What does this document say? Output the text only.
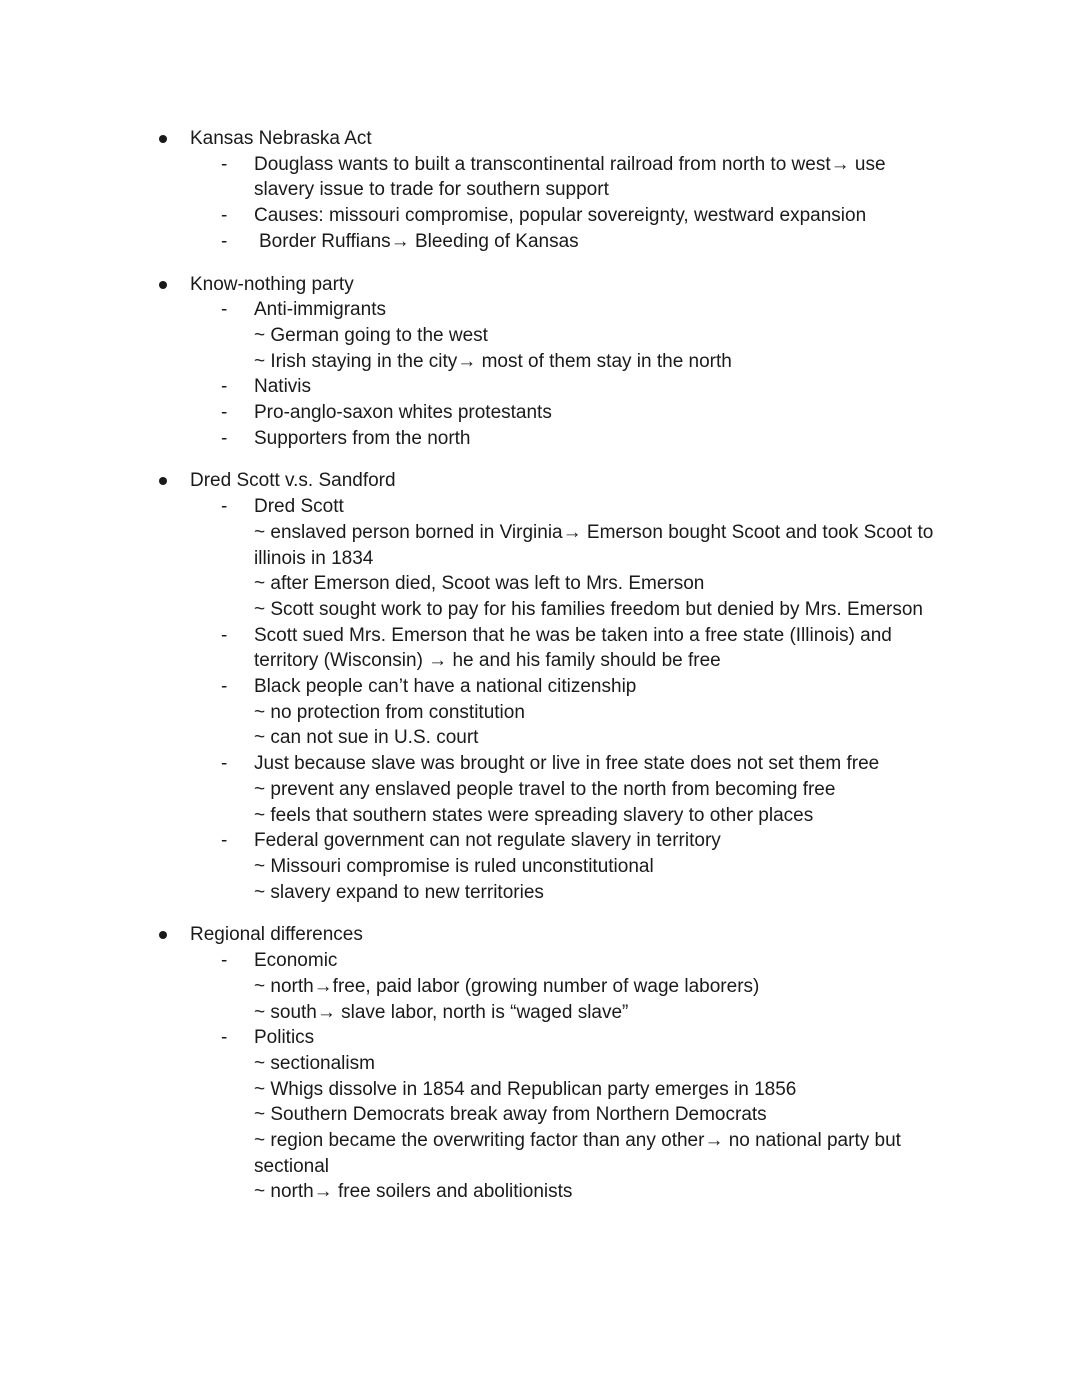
Kansas Nebraska Act
- Douglass wants to built a transcontinental railroad from north to west→ use
slavery issue to trade for southern support
- Causes: missouri compromise, popular sovereignty, westward expansion
- Border Ruffians→ Bleeding of Kansas
Know-nothing party
- Anti-immigrants
~ German going to the west
~ Irish staying in the city→ most of them stay in the north
- Nativis
- Pro-anglo-saxon whites protestants
- Supporters from the north
Dred Scott v.s. Sandford
- Dred Scott
~ enslaved person borned in Virginia→ Emerson bought Scoot and took Scoot to
illinois in 1834
~ after Emerson died, Scoot was left to Mrs. Emerson
~ Scott sought work to pay for his families freedom but denied by Mrs. Emerson
- Scott sued Mrs. Emerson that he was be taken into a free state (Illinois) and
territory (Wisconsin) → he and his family should be free
- Black people can’t have a national citizenship
~ no protection from constitution
~ can not sue in U.S. court
- Just because slave was brought or live in free state does not set them free
~ prevent any enslaved people travel to the north from becoming free
~ feels that southern states were spreading slavery to other places
- Federal government can not regulate slavery in territory
~ Missouri compromise is ruled unconstitutional
~ slavery expand to new territories
Regional differences
- Economic
~ north→free, paid labor (growing number of wage laborers)
~ south→ slave labor, north is “waged slave”
- Politics
~ sectionalism
~ Whigs dissolve in 1854 and Republican party emerges in 1856
~ Southern Democrats break away from Northern Democrats
~ region became the overwriting factor than any other→ no national party but
sectional
~ north→ free soilers and abolitionists
